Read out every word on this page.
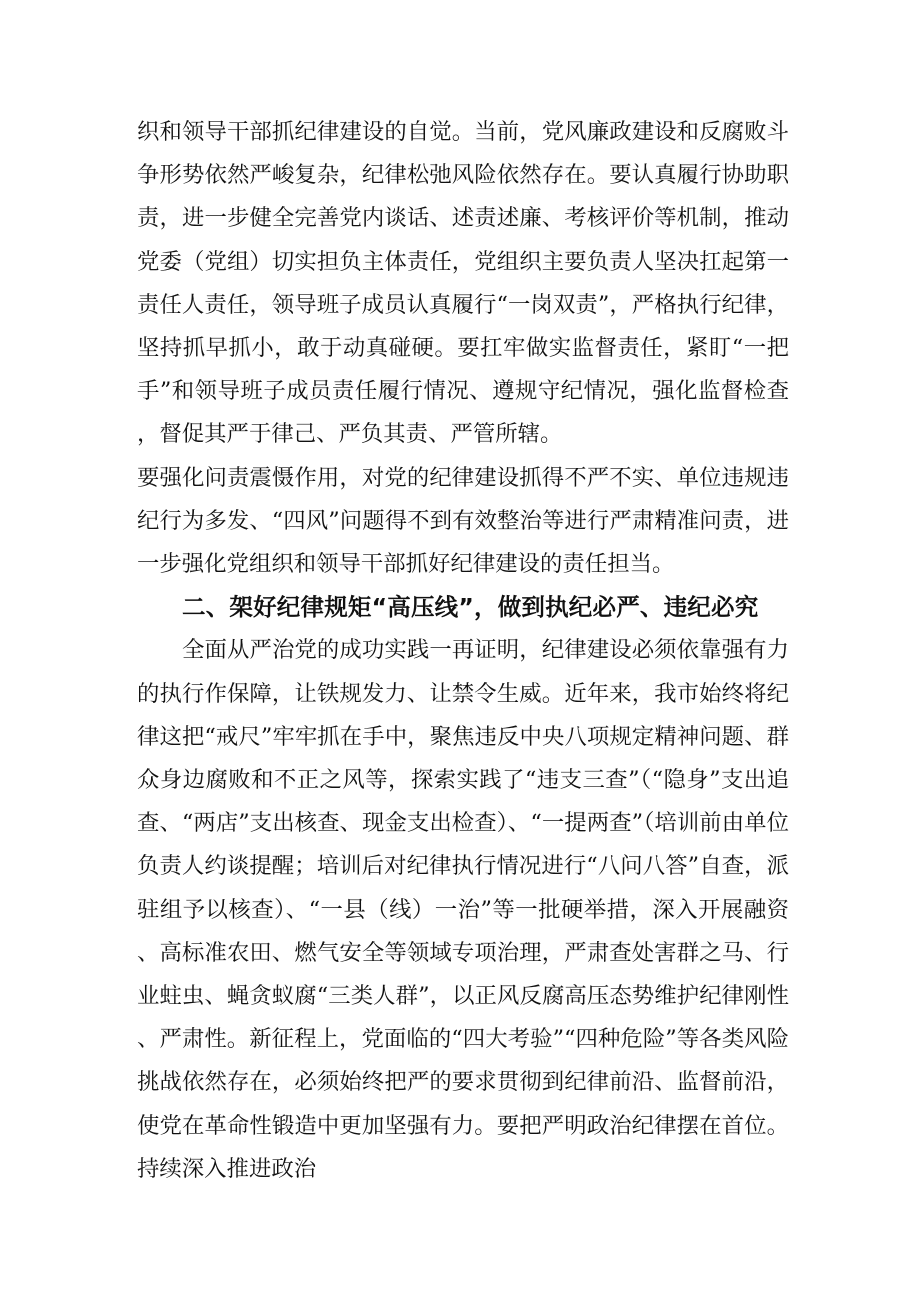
织和领导干部抓纪律建设的自觉。当前，党风廉政建设和反腐败斗争形势依然严峻复杂，纪律松弛风险依然存在。要认真履行协助职责，进一步健全完善党内谈话、述责述廉、考核评价等机制，推动党委（党组）切实担负主体责任，党组织主要负责人坚决扛起第一责任人责任，领导班子成员认真履行“一岗双责”，严格执行纪律，坚持抓早抓小，敢于动真碰硬。要扛牢做实监督责任，紧盯“一把手”和领导班子成员责任履行情况、遵规守纪情况，强化监督检查，督促其严于律己、严负其责、严管所辖。

要强化问责震慑作用，对党的纪律建设抓得不严不实、单位违规违纪行为多发、“四风”问题得不到有效整治等进行严肃精准问责，进一步强化党组织和领导干部抓好纪律建设的责任担当。

二、架好纪律规矩“高压线”，做到执纪必严、违纪必究

全面从严治党的成功实践一再证明，纪律建设必须依靠强有力的执行作保障，让铁规发力、让禁令生威。近年来，我市始终将纪律这把“戒尺”牢牢抓在手中，聚焦违反中央八项规定精神问题、群众身边腐败和不正之风等，探索实践了“违支三查”（“隐身”支出追查、“两店”支出核查、现金支出检查）、“一提两查”（培训前由单位负责人约谈提醒；培训后对纪律执行情况进行“八问八答”自查，派驻组予以核查）、“一县（线）一治”等一批硬举措，深入开展融资、高标准农田、燃气安全等领域专项治理，严肃查处害群之马、行业蛀虫、蝇贪蚁腐“三类人群”，以正风反腐高压态势维护纪律刚性、严肃性。新征程上，党面临的“四大考验”“四种危险”等各类风险挑战依然存在，必须始终把严的要求贯彻到纪律前沿、监督前沿，使党在革命性锻造中更加坚强有力。要把严明政治纪律摆在首位。持续深入推进政治
